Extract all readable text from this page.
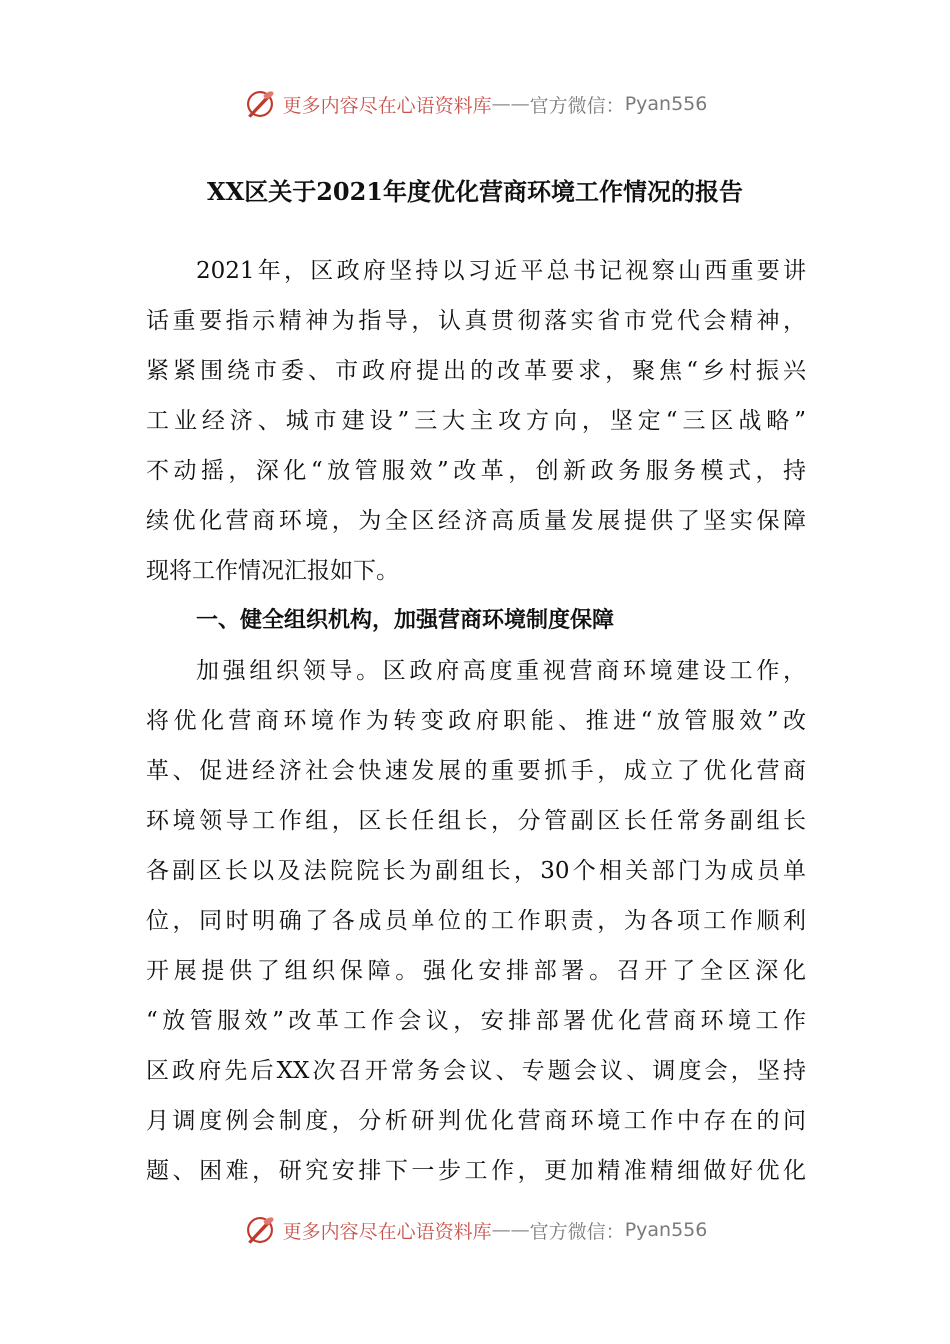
更多内容尽在心语资料库 — — 官方微信： Pyan556
XX区关于2021年度优化营商环境工作情况的报告
2021年，区政府坚持以习近平总书记视察山西重要讲
话重要指示精神为指导，认真贯彻落实省市党代会精神，
紧紧围绕市委、市政府提出的改革要求，聚焦“乡村振兴
工业经济、城市建设”三大主攻方向，坚定“三区战略”
不动摇，深化“放管服效”改革，创新政务服务模式，持
续优化营商环境，为全区经济高质量发展提供了坚实保障
现将工作情况汇报如下。
一、健全组织机构，加强营商环境制度保障
加强组织领导。区政府高度重视营商环境建设工作，
将优化营商环境作为转变政府职能、推进“放管服效”改
革、促进经济社会快速发展的重要抓手，成立了优化营商
环境领导工作组，区长任组长，分管副区长任常务副组长
各副区长以及法院院长为副组长，30个相关部门为成员单
位，同时明确了各成员单位的工作职责，为各项工作顺利
开展提供了组织保障。强化安排部署。召开了全区深化
“放管服效”改革工作会议，安排部署优化营商环境工作
区政府先后XX次召开常务会议、专题会议、调度会，坚持
月调度例会制度，分析研判优化营商环境工作中存在的问
题、困难，研究安排下一步工作，更加精准精细做好优化
更多内容尽在心语资料库 — — 官方微信： Pyan556
